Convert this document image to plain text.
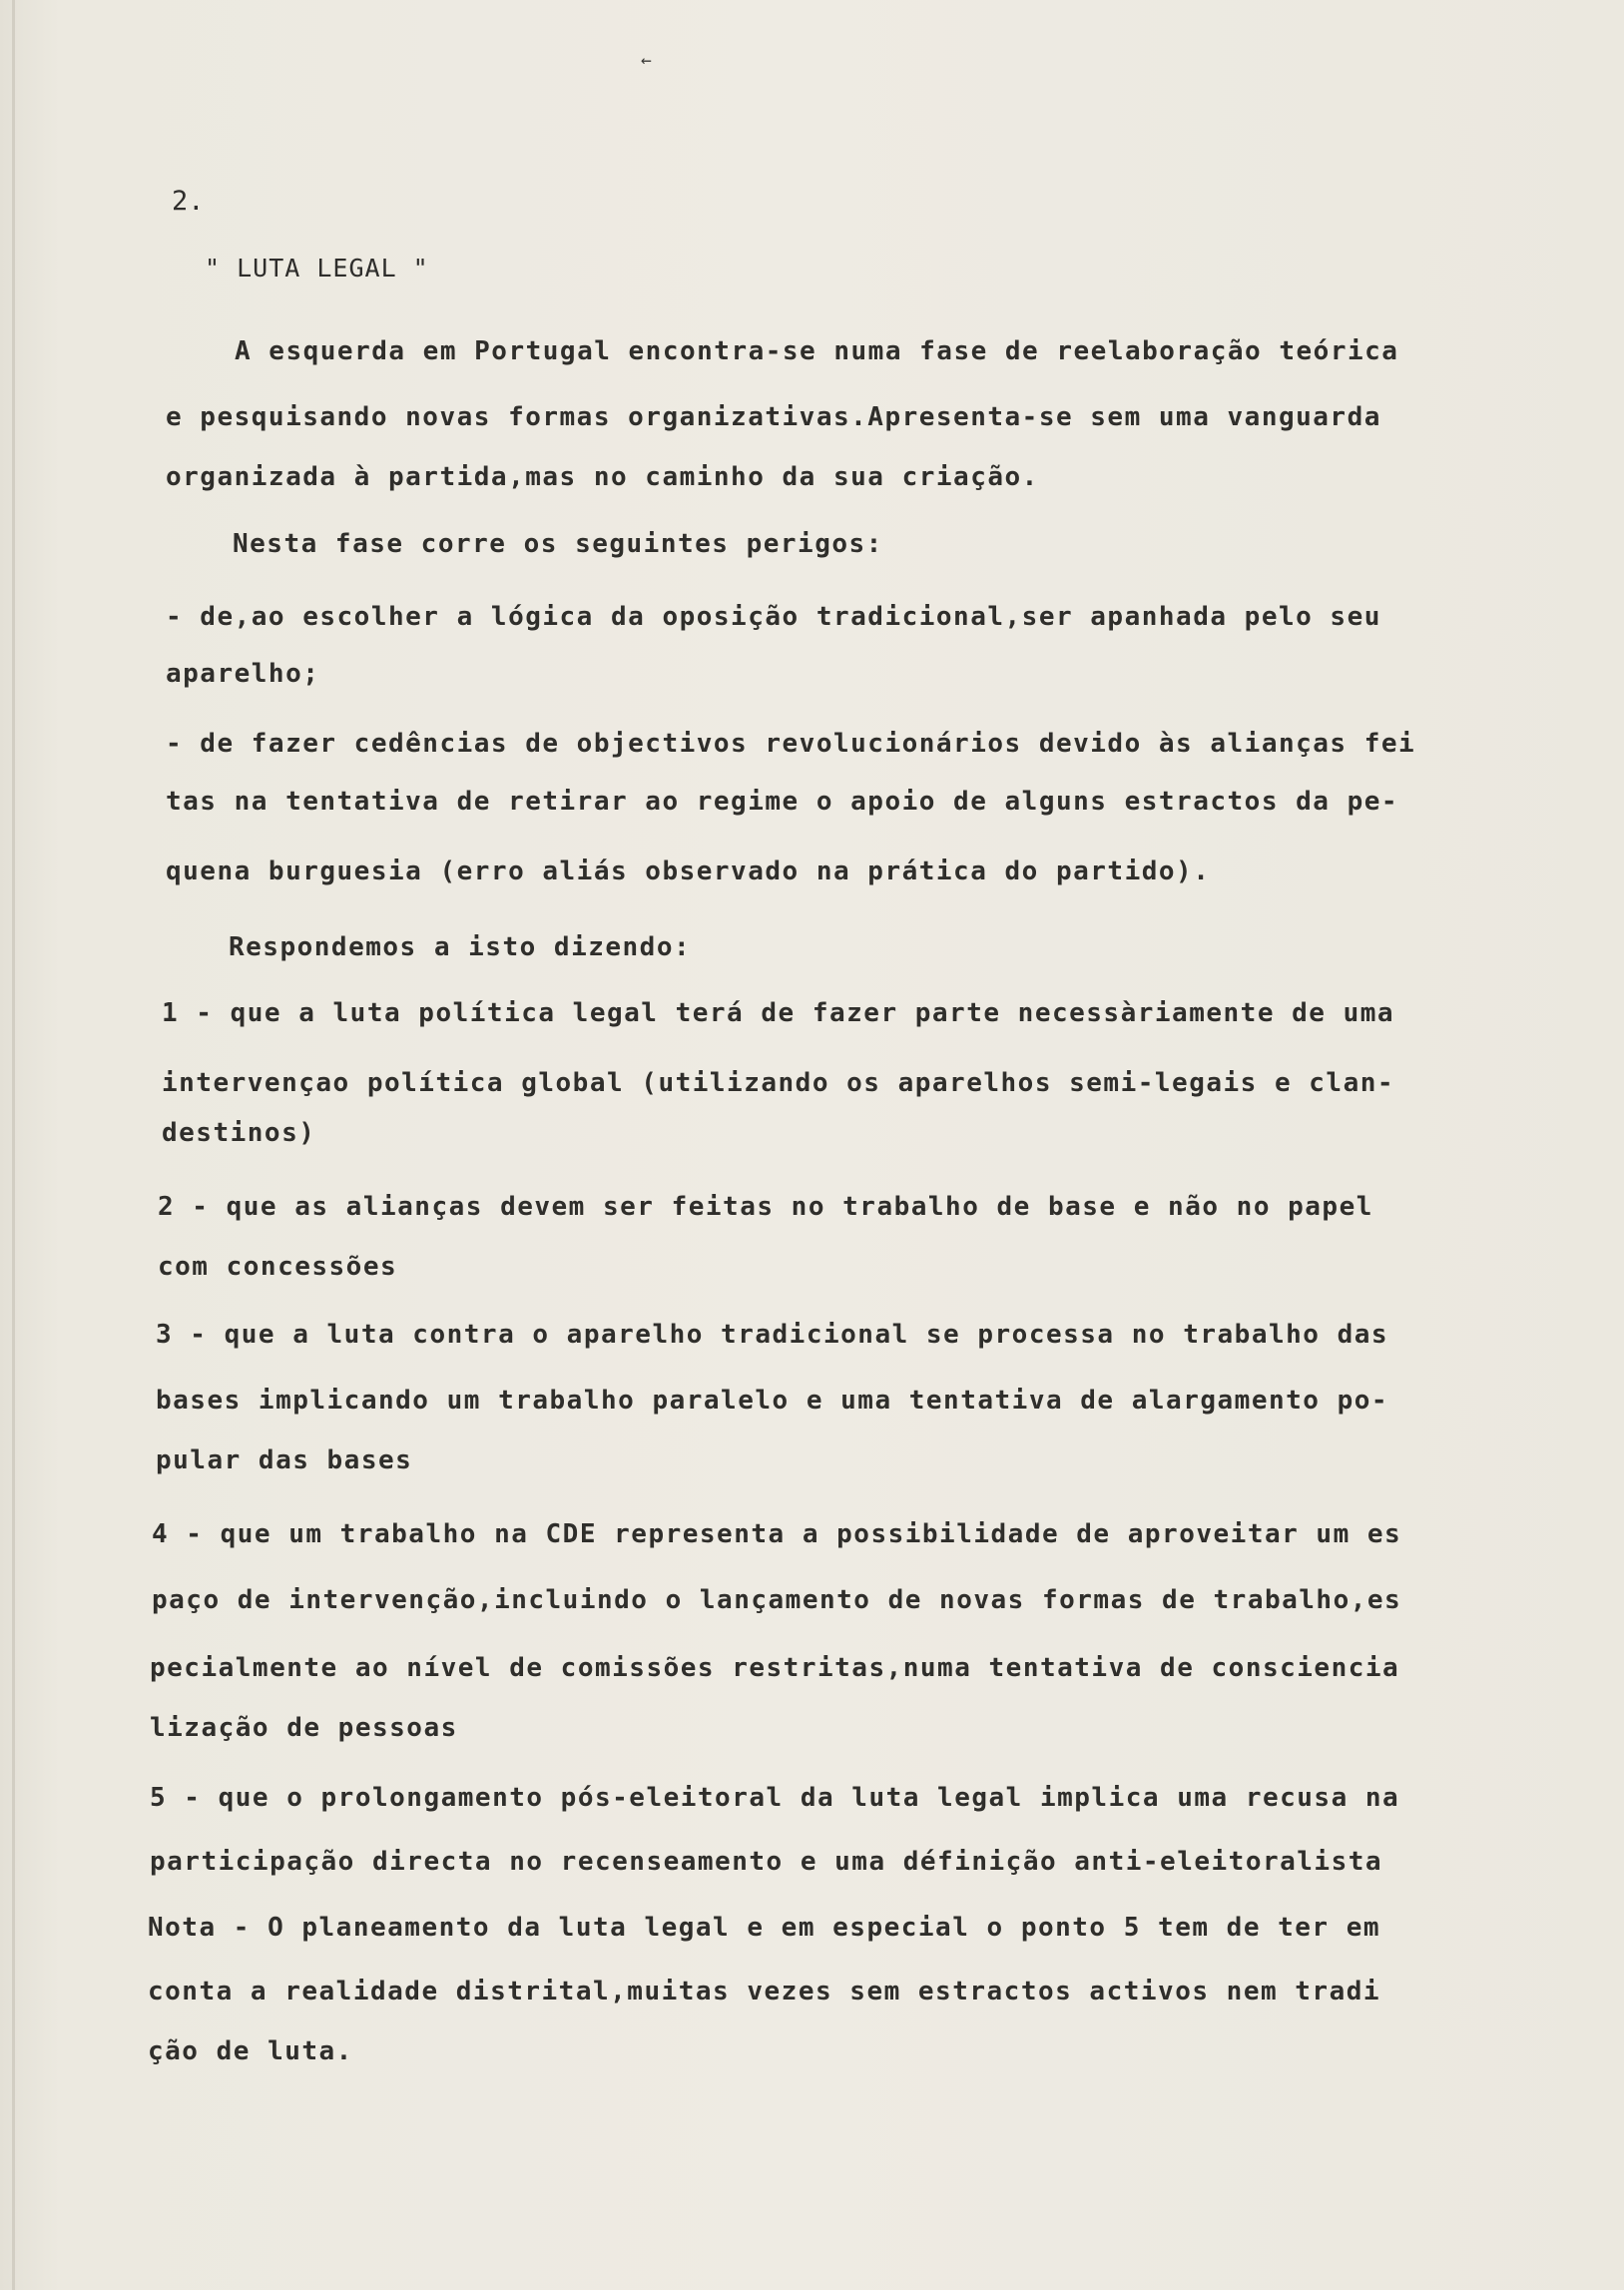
←
2.
" LUTA LEGAL "
A esquerda em Portugal encontra-se numa fase de reelaboração teórica
e pesquisando novas formas organizativas.Apresenta-se sem uma vanguarda
organizada à partida,mas no caminho da sua criação.
Nesta fase corre os seguintes perigos:
- de,ao escolher a lógica da oposição tradicional,ser apanhada pelo seu
aparelho;
- de fazer cedências de objectivos revolucionários devido às alianças fei
tas na tentativa de retirar ao regime o apoio de alguns estractos da pe-
quena burguesia (erro aliás observado na prática do partido).
Respondemos a isto dizendo:
1 - que a luta política legal terá de fazer parte necessàriamente de uma
intervençao política global (utilizando os aparelhos semi-legais e clan-
destinos)
2 - que as alianças devem ser feitas no trabalho de base e não no papel
com concessões
3 - que a luta contra o aparelho tradicional se processa no trabalho das
bases implicando um trabalho paralelo e uma tentativa de alargamento po-
pular das bases
4 - que um trabalho na CDE representa a possibilidade de aproveitar um es
paço de intervenção,incluindo o lançamento de novas formas de trabalho,es
pecialmente ao nível de comissões restritas,numa tentativa de consciencia
lização de pessoas
5 - que o prolongamento pós-eleitoral da luta legal implica uma recusa na
participação directa no recenseamento e uma définição anti-eleitoralista
Nota - O planeamento da luta legal e em especial o ponto 5 tem de ter em
conta a realidade distrital,muitas vezes sem estractos activos nem tradi
ção de luta.
